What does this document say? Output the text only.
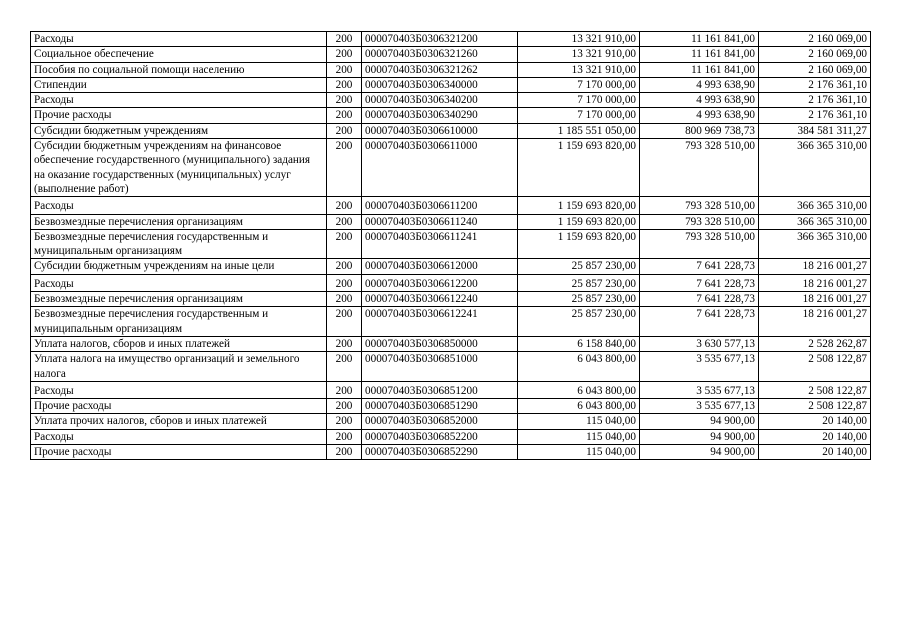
Расходы	200	000070403Б0306321200	13 321 910,00	11 161 841,00	2 160 069,00
Социальное обеспечение	200	000070403Б0306321260	13 321 910,00	11 161 841,00	2 160 069,00
Пособия по социальной помощи населению	200	000070403Б0306321262	13 321 910,00	11 161 841,00	2 160 069,00
Стипендии	200	000070403Б0306340000	7 170 000,00	4 993 638,90	2 176 361,10
Расходы	200	000070403Б0306340200	7 170 000,00	4 993 638,90	2 176 361,10
Прочие расходы	200	000070403Б0306340290	7 170 000,00	4 993 638,90	2 176 361,10
Субсидии бюджетным учреждениям	200	000070403Б0306610000	1 185 551 050,00	800 969 738,73	384 581 311,27
Субсидии бюджетным учреждениям на финансовое обеспечение государственного (муниципального) задания на оказание государственных (муниципальных) услуг (выполнение работ)	200	000070403Б0306611000	1 159 693 820,00	793 328 510,00	366 365 310,00
Расходы	200	000070403Б0306611200	1 159 693 820,00	793 328 510,00	366 365 310,00
Безвозмездные перечисления организациям	200	000070403Б0306611240	1 159 693 820,00	793 328 510,00	366 365 310,00
Безвозмездные перечисления государственным и муниципальным организациям	200	000070403Б0306611241	1 159 693 820,00	793 328 510,00	366 365 310,00
Субсидии бюджетным учреждениям на иные цели	200	000070403Б0306612000	25 857 230,00	7 641 228,73	18 216 001,27
Расходы	200	000070403Б0306612200	25 857 230,00	7 641 228,73	18 216 001,27
Безвозмездные перечисления организациям	200	000070403Б0306612240	25 857 230,00	7 641 228,73	18 216 001,27
Безвозмездные перечисления государственным и муниципальным организациям	200	000070403Б0306612241	25 857 230,00	7 641 228,73	18 216 001,27
Уплата налогов, сборов и иных платежей	200	000070403Б0306850000	6 158 840,00	3 630 577,13	2 528 262,87
Уплата налога на имущество организаций и земельного налога	200	000070403Б0306851000	6 043 800,00	3 535 677,13	2 508 122,87
Расходы	200	000070403Б0306851200	6 043 800,00	3 535 677,13	2 508 122,87
Прочие расходы	200	000070403Б0306851290	6 043 800,00	3 535 677,13	2 508 122,87
Уплата прочих налогов, сборов и иных платежей	200	000070403Б0306852000	115 040,00	94 900,00	20 140,00
Расходы	200	000070403Б0306852200	115 040,00	94 900,00	20 140,00
Прочие расходы	200	000070403Б0306852290	115 040,00	94 900,00	20 140,00
